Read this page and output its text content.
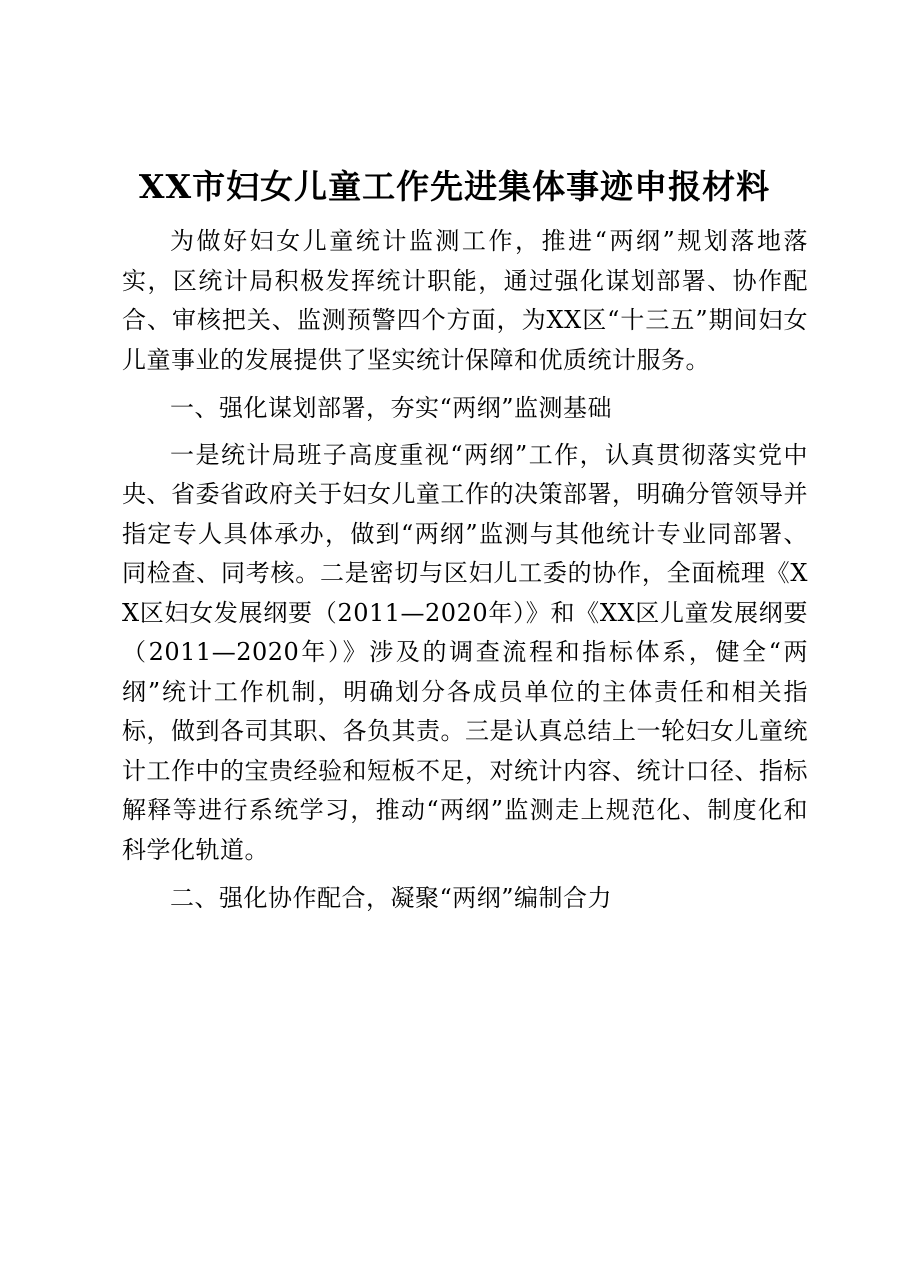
XX市妇女儿童工作先进集体事迹申报材料

为做好妇女儿童统计监测工作，推进“两纲”规划落地落实，区统计局积极发挥统计职能，通过强化谋划部署、协作配合、审核把关、监测预警四个方面，为XX区“十三五”期间妇女儿童事业的发展提供了坚实统计保障和优质统计服务。

一、强化谋划部署，夯实“两纲”监测基础

一是统计局班子高度重视“两纲”工作，认真贯彻落实党中央、省委省政府关于妇女儿童工作的决策部署，明确分管领导并指定专人具体承办，做到“两纲”监测与其他统计专业同部署、同检查、同考核。二是密切与区妇儿工委的协作，全面梳理《XX区妇女发展纲要（2011—2020年）》和《XX区儿童发展纲要（2011—2020年）》涉及的调查流程和指标体系，健全“两纲”统计工作机制，明确划分各成员单位的主体责任和相关指标，做到各司其职、各负其责。三是认真总结上一轮妇女儿童统计工作中的宝贵经验和短板不足，对统计内容、统计口径、指标解释等进行系统学习，推动“两纲”监测走上规范化、制度化和科学化轨道。

二、强化协作配合，凝聚“两纲”编制合力
